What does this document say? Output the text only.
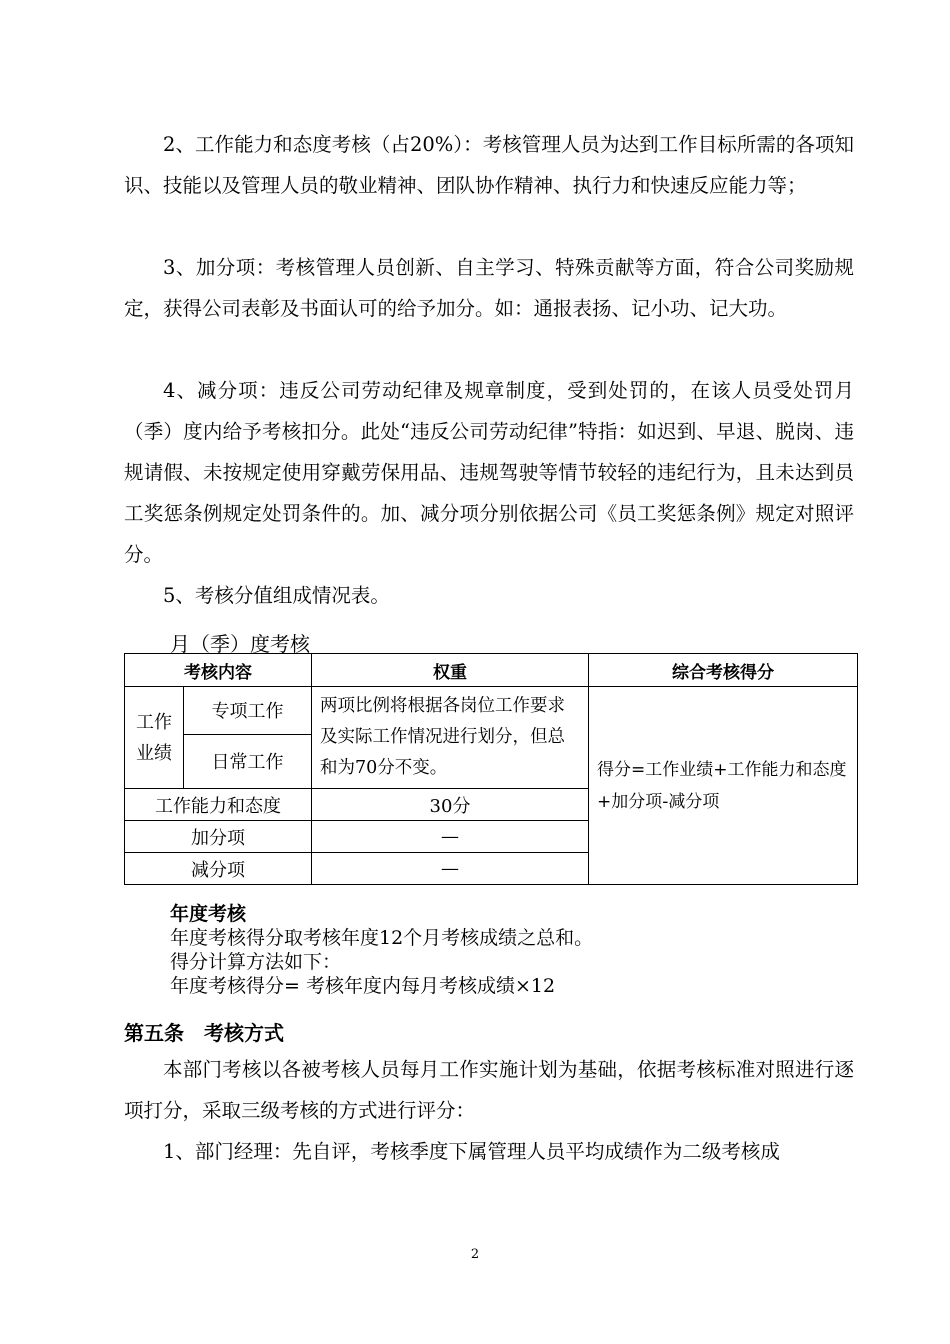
2、工作能力和态度考核（占20%）：考核管理人员为达到工作目标所需的各项知识、技能以及管理人员的敬业精神、团队协作精神、执行力和快速反应能力等；

3、加分项：考核管理人员创新、自主学习、特殊贡献等方面，符合公司奖励规定，获得公司表彰及书面认可的给予加分。如：通报表扬、记小功、记大功。

4、减分项：违反公司劳动纪律及规章制度，受到处罚的，在该人员受处罚月（季）度内给予考核扣分。此处“违反公司劳动纪律”特指：如迟到、早退、脱岗、违规请假、未按规定使用穿戴劳保用品、违规驾驶等情节较轻的违纪行为，且未达到员工奖惩条例规定处罚条件的。加、减分项分别依据公司《员工奖惩条例》规定对照评分。

5、考核分值组成情况表。

月（季）度考核

考核内容		权重	综合考核得分
工作业绩	专项工作	两项比例将根据各岗位工作要求及实际工作情况进行划分，但总和为70分不变。	得分=工作业绩+工作能力和态度+加分项-减分项
	日常工作		
工作能力和态度		30分	
加分项		—	
减分项		—	

年度考核

年度考核得分取考核年度12个月考核成绩之总和。

得分计算方法如下：

年度考核得分= 考核年度内每月考核成绩×12

第五条　考核方式

本部门考核以各被考核人员每月工作实施计划为基础，依据考核标准对照进行逐项打分，采取三级考核的方式进行评分：

1、部门经理：先自评，考核季度下属管理人员平均成绩作为二级考核成

2
